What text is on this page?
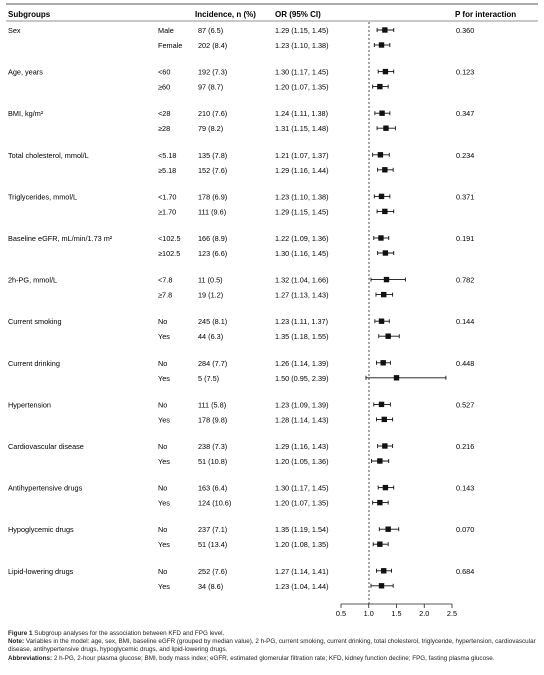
Subgroups	Incidence, n (%) OR (95% CI)	P for interaction
Sex	Male	87 (6.5)	1.29 (1.15, 1.45)	0.360
Female 202 (8.4)	1.23 (1.10, 1.38)
Age, years	<60	192 (7.3)	1.30 (1.17, 1.45)	0.123
≥60	97 (8.7)	1.20 (1.07, 1.35)
BMI, kg/m²	<28	210 (7.6)	1.24 (1.11, 1.38)	0.347
≥28	79 (8.2)	1.31 (1.15, 1.48)
Total cholesterol, mmol/L	<5.18	135 (7.8)	1.21 (1.07, 1.37)	0.234
≥5.18	152 (7.6)	1.29 (1.16, 1.44)
Triglycerides, mmol/L	<1.70	178 (6.9)	1.23 (1.10, 1.38)	0.371
≥1.70	111 (9.6)	1.29 (1.15, 1.45)
Baseline eGFR, mL/min/1.73 m²	<102.5 166 (8.9)	1.22 (1.09, 1.36)	0.191
≥102.5 123 (6.6)	1.30 (1.16, 1.45)
2h-PG, mmol/L	<7.8	11 (0.5)	1.32 (1.04, 1.66)	0.782
≥7.8	19 (1.2)	1.27 (1.13, 1.43)
Current smoking	No	245 (8.1)	1.23 (1.11, 1.37)	0.144
Yes	44 (6.3)	1.35 (1.18, 1.55)
Current drinking	No	284 (7.7)	1.26 (1.14, 1.39)	0.448
Yes	5 (7.5)	1.50 (0.95, 2.39)
Hypertension	No	111 (5.8)	1.23 (1.09, 1.39)	0.527
Yes	178 (9.8)	1.28 (1.14, 1.43)
Cardiovascular disease	No	238 (7.3)	1.29 (1.16, 1.43)	0.216
Yes	51 (10.8)	1.20 (1.05, 1.36)
Antihypertensive drugs	No	163 (6.4)	1.30 (1.17, 1.45)	0.143
Yes	124 (10.6)	1.20 (1.07, 1.35)
Hypoglycemic drugs	No	237 (7.1)	1.35 (1.19, 1.54)	0.070
Yes	51 (13.4)	1.20 (1.08, 1.35)
Lipid-lowering drugs	No	252 (7.6)	1.27 (1.14, 1.41)	0.684
Yes	34 (8.6)	1.23 (1.04, 1.44)
0.5 1.0 1.5 2.0 2.5

Figure 1 Subgroup analyses for the association between KFD and FPG level.

Note: Variables in the model: age, sex, BMI, baseline eGFR (grouped by median value), 2 h-PG, current smoking, current drinking, total cholesterol, triglyceride, hypertension, cardiovascular disease, antihypertensive drugs, hypoglycemic drugs, and lipid-lowering drugs.

Abbreviations: 2 h-PG, 2-hour plasma glucose; BMI, body mass index; eGFR, estimated glomerular filtration rate; KFD, kidney function decline; FPG, fasting plasma glucose.
